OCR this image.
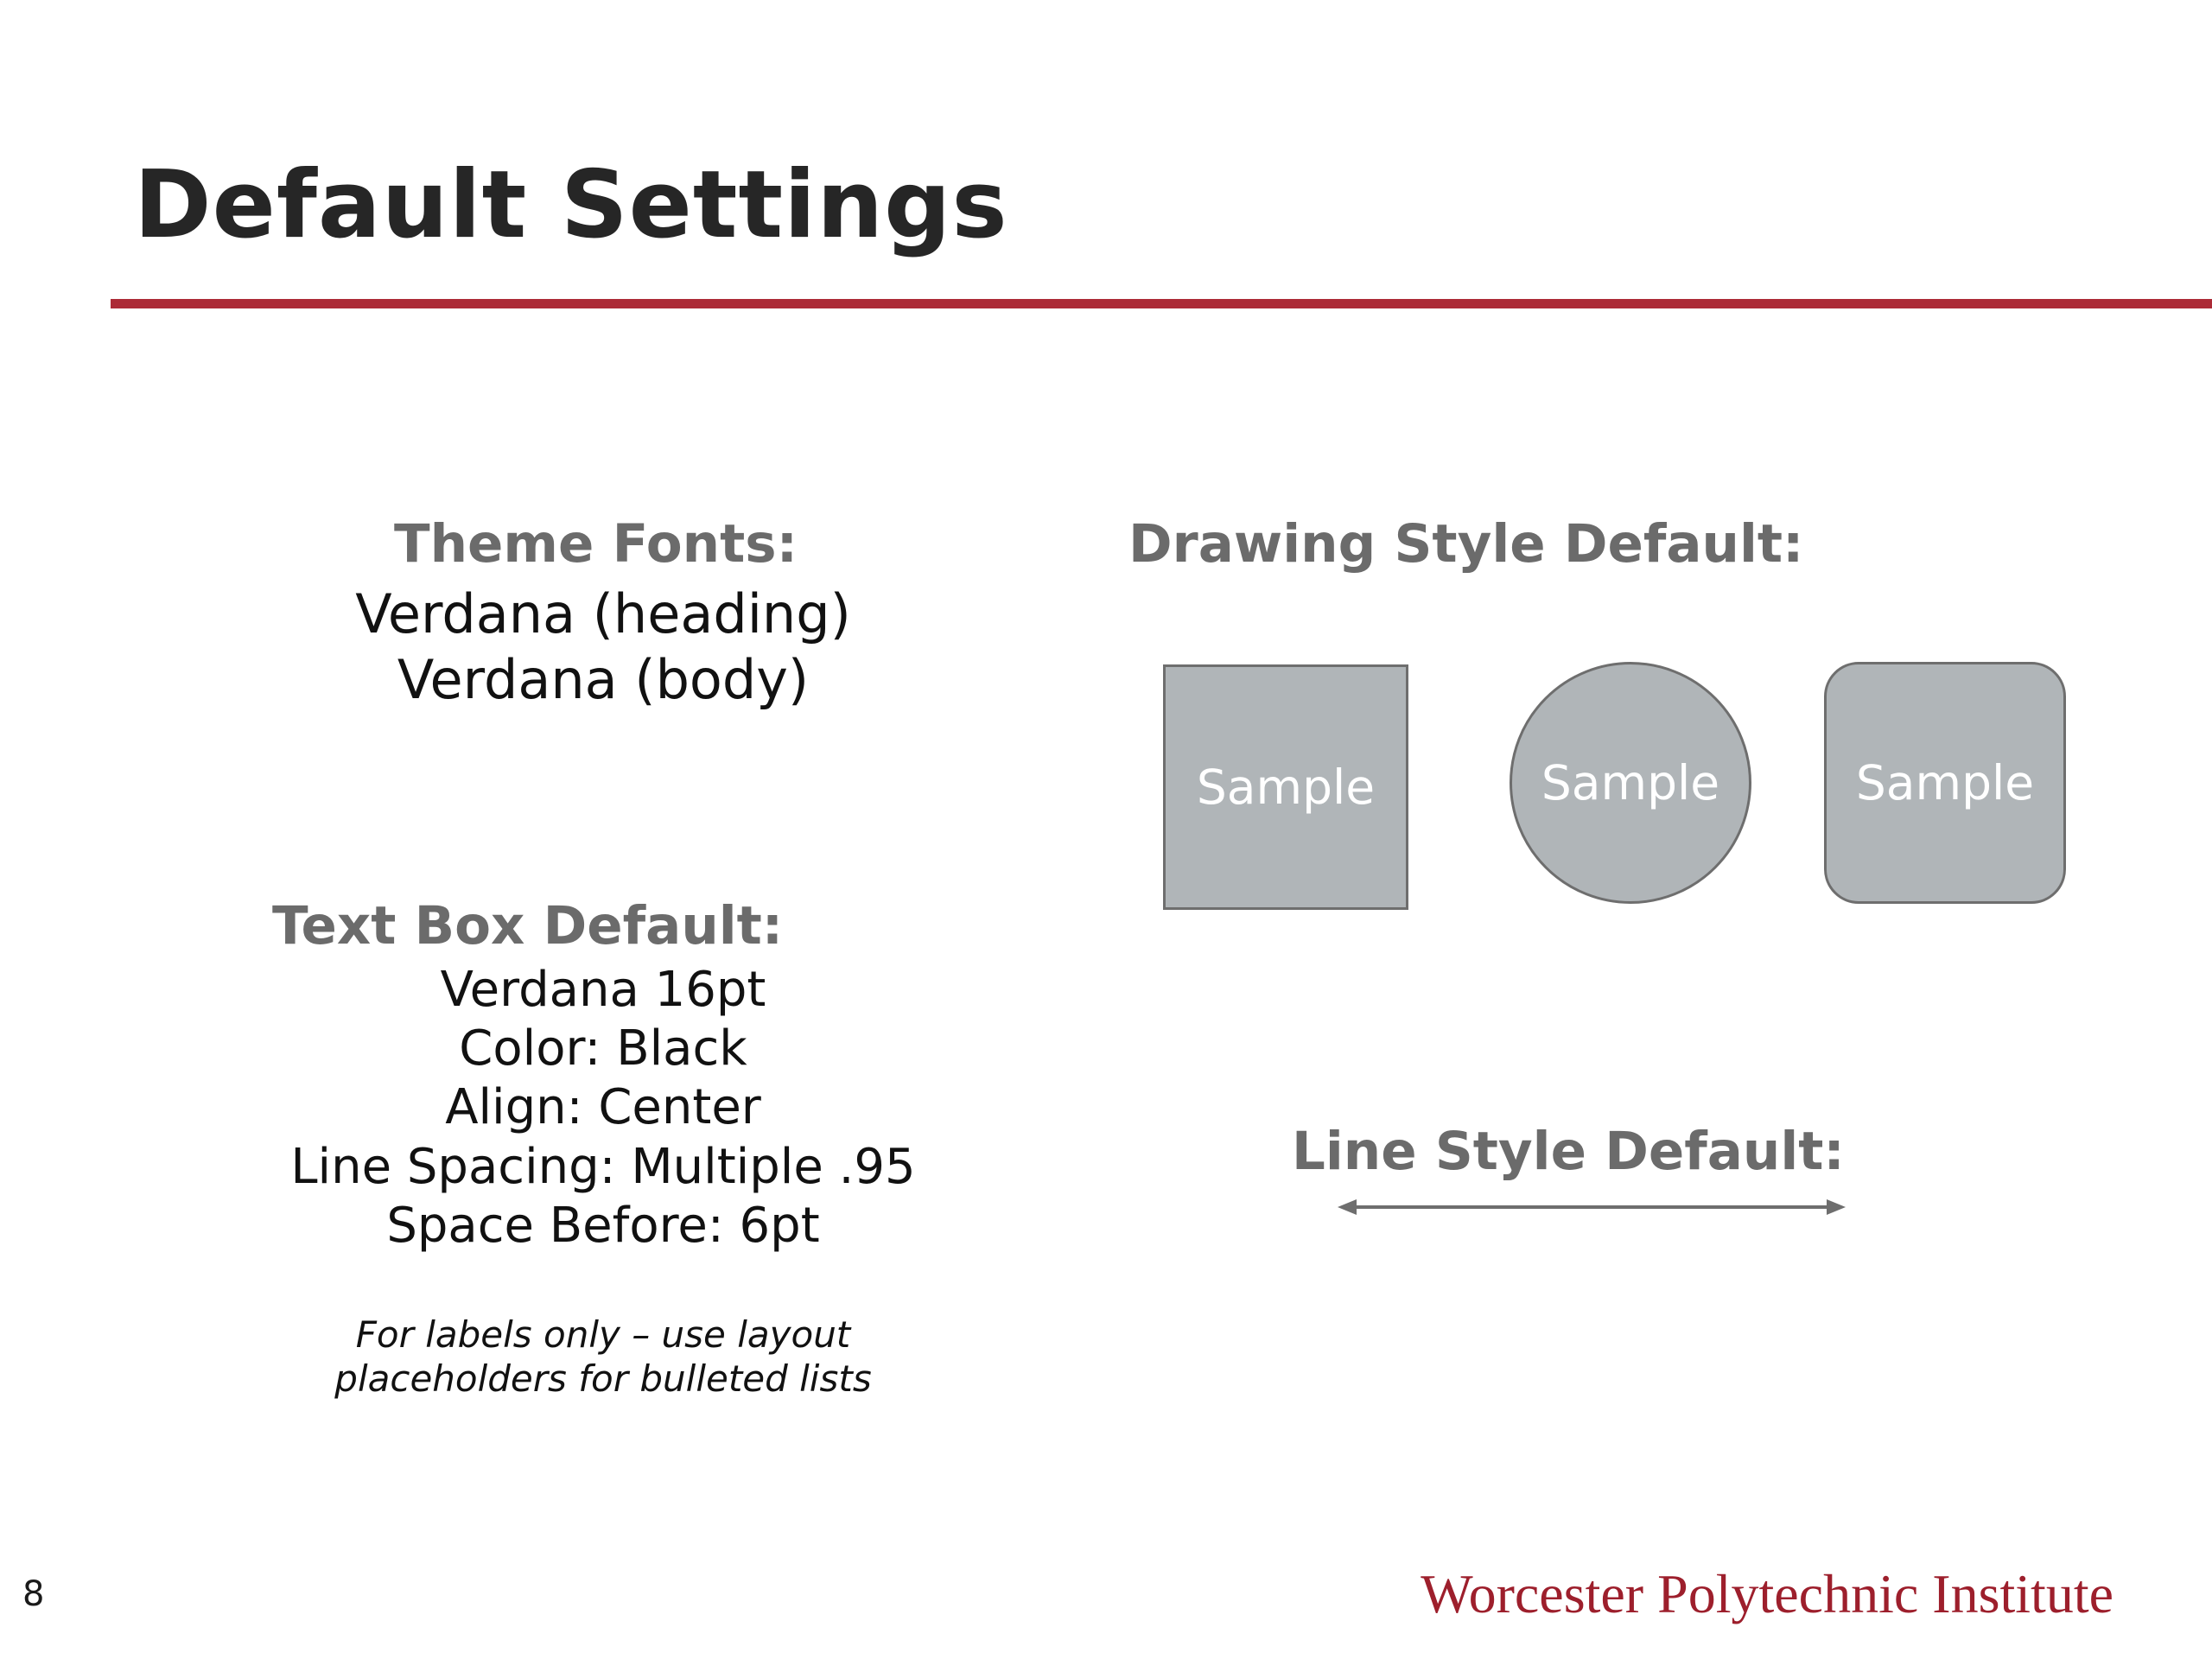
Default Settings
Theme Fonts:
Verdana (heading)
Verdana (body)
Text Box Default:
Verdana 16pt
Color: Black
Align: Center
Line Spacing: Multiple .95
Space Before: 6pt
For labels only – use layout
placeholders for bulleted lists
Drawing Style Default:
Sample	Sample	Sample
Line Style Default:
8	Worcester Polytechnic Institute
